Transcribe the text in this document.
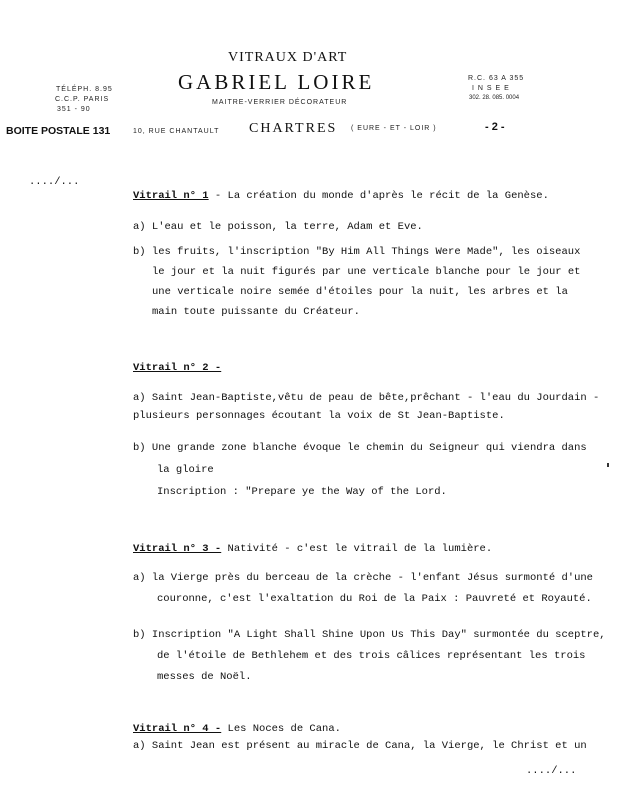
VITRAUX D'ART
GABRIEL LOIRE
MAITRE-VERRIER DÉCORATEUR
TÉLÉPH. 8.95
C.C.P. PARIS
351 - 90
R.C. 63 A 355
I N S E E
302. 28. 085. 0004
BOITE POSTALE 131	10, RUE CHANTAULT CHARTRES ( EURE - ET - LOIR )	- 2 -
..../...
Vitrail n° 1 - La création du monde d'après le récit de la Genèse.
a) L'eau et le poisson, la terre, Adam et Eve.
b) les fruits, l'inscription "By Him All Things Were Made", les oiseaux
le jour et la nuit figurés par une verticale blanche pour le jour et
une verticale noire semée d'étoiles pour la nuit, les arbres et la
main toute puissante du Créateur.
Vitrail n° 2 -
a) Saint Jean-Baptiste,vêtu de peau de bête,prêchant - l'eau du Jourdain -
plusieurs personnages écoutant la voix de St Jean-Baptiste.
b) Une grande zone blanche évoque le chemin du Seigneur qui viendra dans
la gloire
Inscription : "Prepare ye the Way of the Lord.
Vitrail n° 3 - Nativité - c'est le vitrail de la lumière.
a) la Vierge près du berceau de la crèche - l'enfant Jésus surmonté d'une
couronne, c'est l'exaltation du Roi de la Paix : Pauvreté et Royauté.
b) Inscription "A Light Shall Shine Upon Us This Day" surmontée du sceptre,
de l'étoile de Bethlehem et des trois câlices représentant les trois
messes de Noël.
Vitrail n° 4 - Les Noces de Cana.
a) Saint Jean est présent au miracle de Cana, la Vierge, le Christ et un
..../...
